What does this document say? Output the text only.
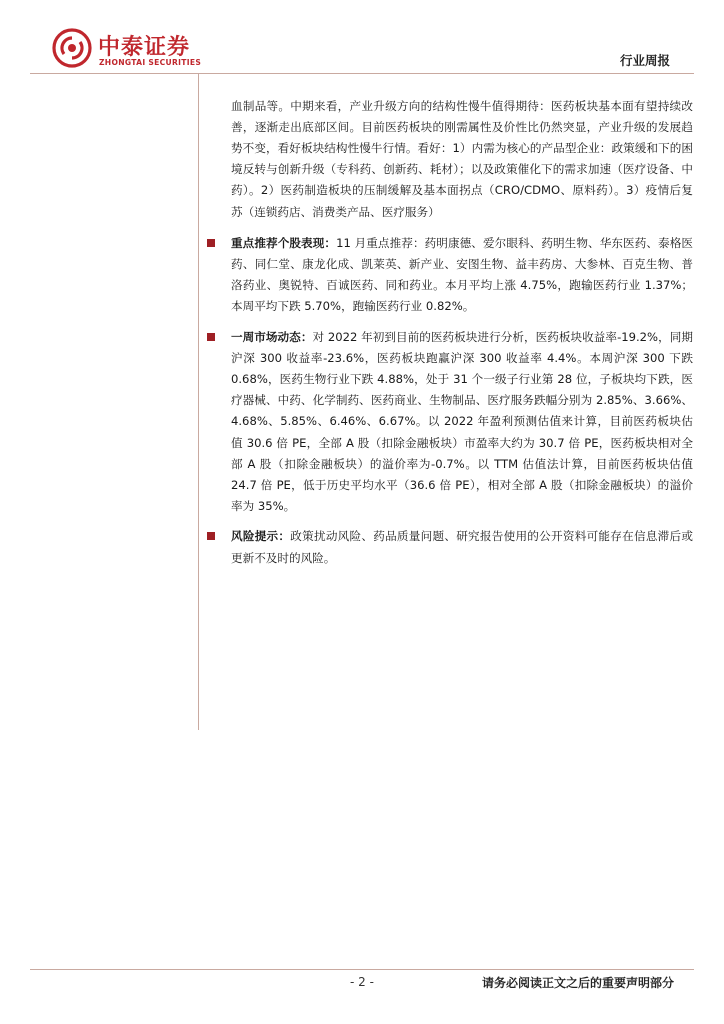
中泰证券
ZHONGTAI SECURITIES	行业周报

血制品等。中期来看，产业升级方向的结构性慢牛值得期待：医药板块基本面有望持续改善，逐渐走出底部区间。目前医药板块的刚需属性及价性比仍然突显，产业升级的发展趋势不变，看好板块结构性慢牛行情。看好：1）内需为核心的产品型企业：政策缓和下的困境反转与创新升级（专科药、创新药、耗材）；以及政策催化下的需求加速（医疗设备、中药）。2）医药制造板块的压制缓解及基本面拐点（CRO/CDMO、原料药）。3）疫情后复苏（连锁药店、消费类产品、医疗服务）

重点推荐个股表现：11 月重点推荐：药明康德、爱尔眼科、药明生物、华东医药、泰格医药、同仁堂、康龙化成、凯莱英、新产业、安图生物、益丰药房、大参林、百克生物、普洛药业、奥锐特、百诚医药、同和药业。本月平均上涨 4.75%，跑输医药行业 1.37%；本周平均下跌 5.70%，跑输医药行业 0.82%。
一周市场动态：对 2022 年初到目前的医药板块进行分析，医药板块收益率-19.2%，同期沪深 300 收益率-23.6%，医药板块跑赢沪深 300 收益率 4.4%。本周沪深 300 下跌 0.68%，医药生物行业下跌 4.88%，处于 31 个一级子行业第 28 位，子板块均下跌，医疗器械、中药、化学制药、医药商业、生物制品、医疗服务跌幅分别为 2.85%、3.66%、4.68%、5.85%、6.46%、6.67%。以 2022 年盈利预测估值来计算，目前医药板块估值 30.6 倍 PE，全部 A 股（扣除金融板块）市盈率大约为 30.7 倍 PE，医药板块相对全部 A 股（扣除金融板块）的溢价率为-0.7%。以 TTM 估值法计算，目前医药板块估值 24.7 倍 PE，低于历史平均水平（36.6 倍 PE），相对全部 A 股（扣除金融板块）的溢价率为 35%。
风险提示：政策扰动风险、药品质量问题、研究报告使用的公开资料可能存在信息滞后或更新不及时的风险。
- 2 -	请务必阅读正文之后的重要声明部分
